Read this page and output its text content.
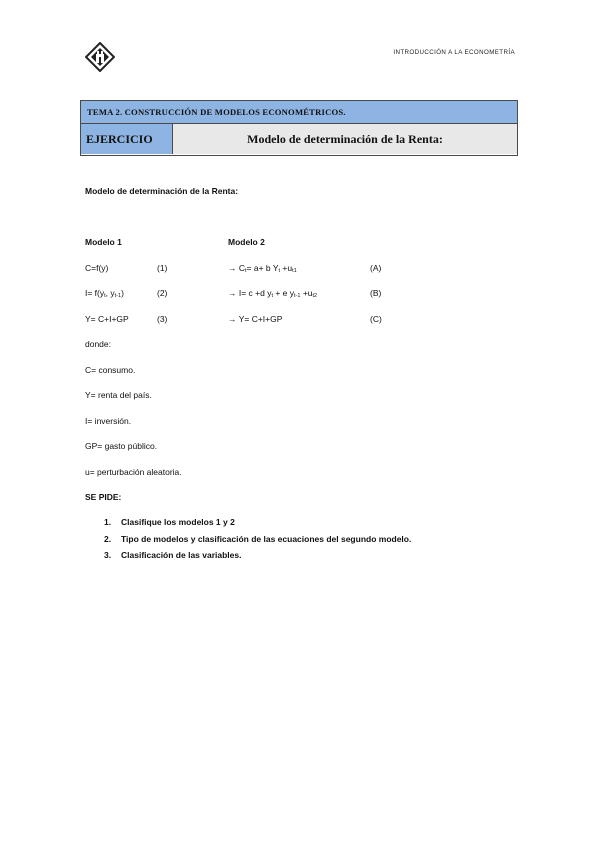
INTRODUCCIÓN A LA ECONOMETRÍA
TEMA 2. CONSTRUCCIÓN DE MODELOS ECONOMÉTRICOS.
EJERCICIO	Modelo de determinación de la Renta:
Modelo de determinación de la Renta:
Modelo 1	Modelo 2
C=f(y)	(1)	→ $C_t= a+ b$ $Y_t +u_{t1}$	(A)
$I= f(y_t$, $y_{t-1}$)	(2)	→ I= c +d $y_t + e$ $y_{t-1} +u_{t2}$	(B)
Y= C+I+GP	(3)	→ Y= C+I+GP	(C)
donde:
C= consumo.
Y= renta del país.
I= inversión.
GP= gasto público.
u= perturbación aleatoria.
SE PIDE:
1.	Clasifique los modelos 1 y 2
2.	Tipo de modelos y clasificación de las ecuaciones del segundo modelo.
3.	Clasificación de las variables.
